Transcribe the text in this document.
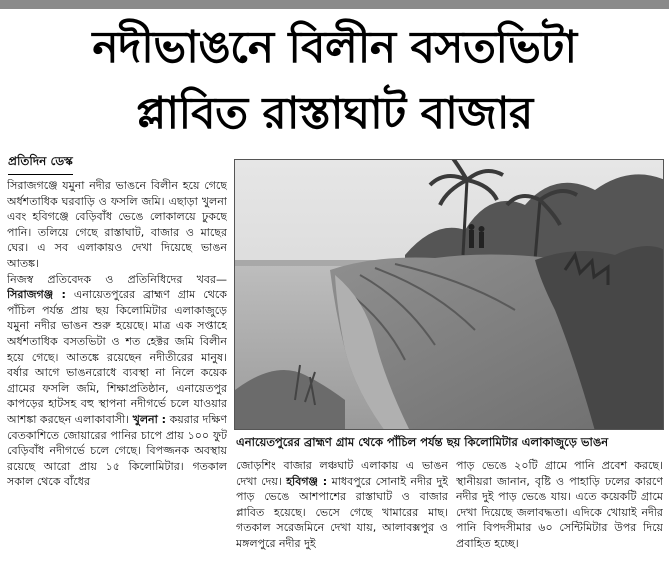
নদীভাঙনে বিলীন বসতভিটা
প্লাবিত রাস্তাঘাট বাজার
প্রতিদিন ডেস্ক

সিরাজগঞ্জে যমুনা নদীর ভাঙনে বিলীন হয়ে গেছে অর্ধশতাধিক ঘরবাড়ি ও ফসলি জমি। এছাড়া খুলনা এবং হবিগঞ্জে বেড়িবাঁধ ভেঙে লোকালয়ে ঢুকছে পানি। তলিয়ে গেছে রাস্তাঘাট, বাজার ও মাছের ঘের। এ সব এলাকায়ও দেখা দিয়েছে ভাঙন আতঙ্ক।

নিজস্ব প্রতিবেদক ও প্রতিনিধিদের খবর—সিরাজগঞ্জ : এনায়েতপুরের ব্রাহ্মণ গ্রাম থেকে পাঁচিল পর্যন্ত প্রায় ছয় কিলোমিটার এলাকাজুড়ে যমুনা নদীর ভাঙন শুরু হয়েছে। মাত্র এক সপ্তাহে অর্ধশতাধিক বসতভিটা ও শত হেক্টর জমি বিলীন হয়ে গেছে। আতঙ্কে রয়েছেন নদীতীরের মানুষ। বর্ষার আগে ভাঙনরোধে ব্যবস্থা না নিলে কয়েক গ্রামের ফসলি জমি, শিক্ষাপ্রতিষ্ঠান, এনায়েতপুর কাপড়ের হাটসহ বহু স্থাপনা নদীগর্ভে চলে যাওয়ার আশঙ্কা করছেন এলাকাবাসী। খুলনা : কয়রার দক্ষিণ বেতকাশিতে জোয়ারের পানির চাপে প্রায় ১০০ ফুট বেড়িবাঁধ নদীগর্ভে চলে গেছে। বিপজ্জনক অবস্থায় রয়েছে আরো প্রায় ১৫ কিলোমিটার। গতকাল সকাল থেকে বাঁধের

এনায়েতপুরের ব্রাহ্মণ গ্রাম থেকে পাঁচিল পর্যন্ত ছয় কিলোমিটার এলাকাজুড়ে ভাঙন

জোড়শিং বাজার লঞ্চঘাট এলাকায় এ ভাঙন দেখা দেয়। হবিগঞ্জ : মাধবপুরে সোনাই নদীর দুই পাড় ভেঙে আশপাশের রাস্তাঘাট ও বাজার প্লাবিত হয়েছে। ভেসে গেছে খামারের মাছ। গতকাল সরেজমিনে দেখা যায়, আলাবক্সপুর ও মঙ্গলপুরে নদীর দুই

পাড় ভেঙে ২০টি গ্রামে পানি প্রবেশ করছে। স্থানীয়রা জানান, বৃষ্টি ও পাহাড়ি ঢলের কারণে নদীর দুই পাড় ভেঙে যায়। এতে কয়েকটি গ্রামে দেখা দিয়েছে জলাবদ্ধতা। এদিকে খোয়াই নদীর পানি বিপদসীমার ৬০ সেন্টিমিটার উপর দিয়ে প্রবাহিত হচ্ছে।
